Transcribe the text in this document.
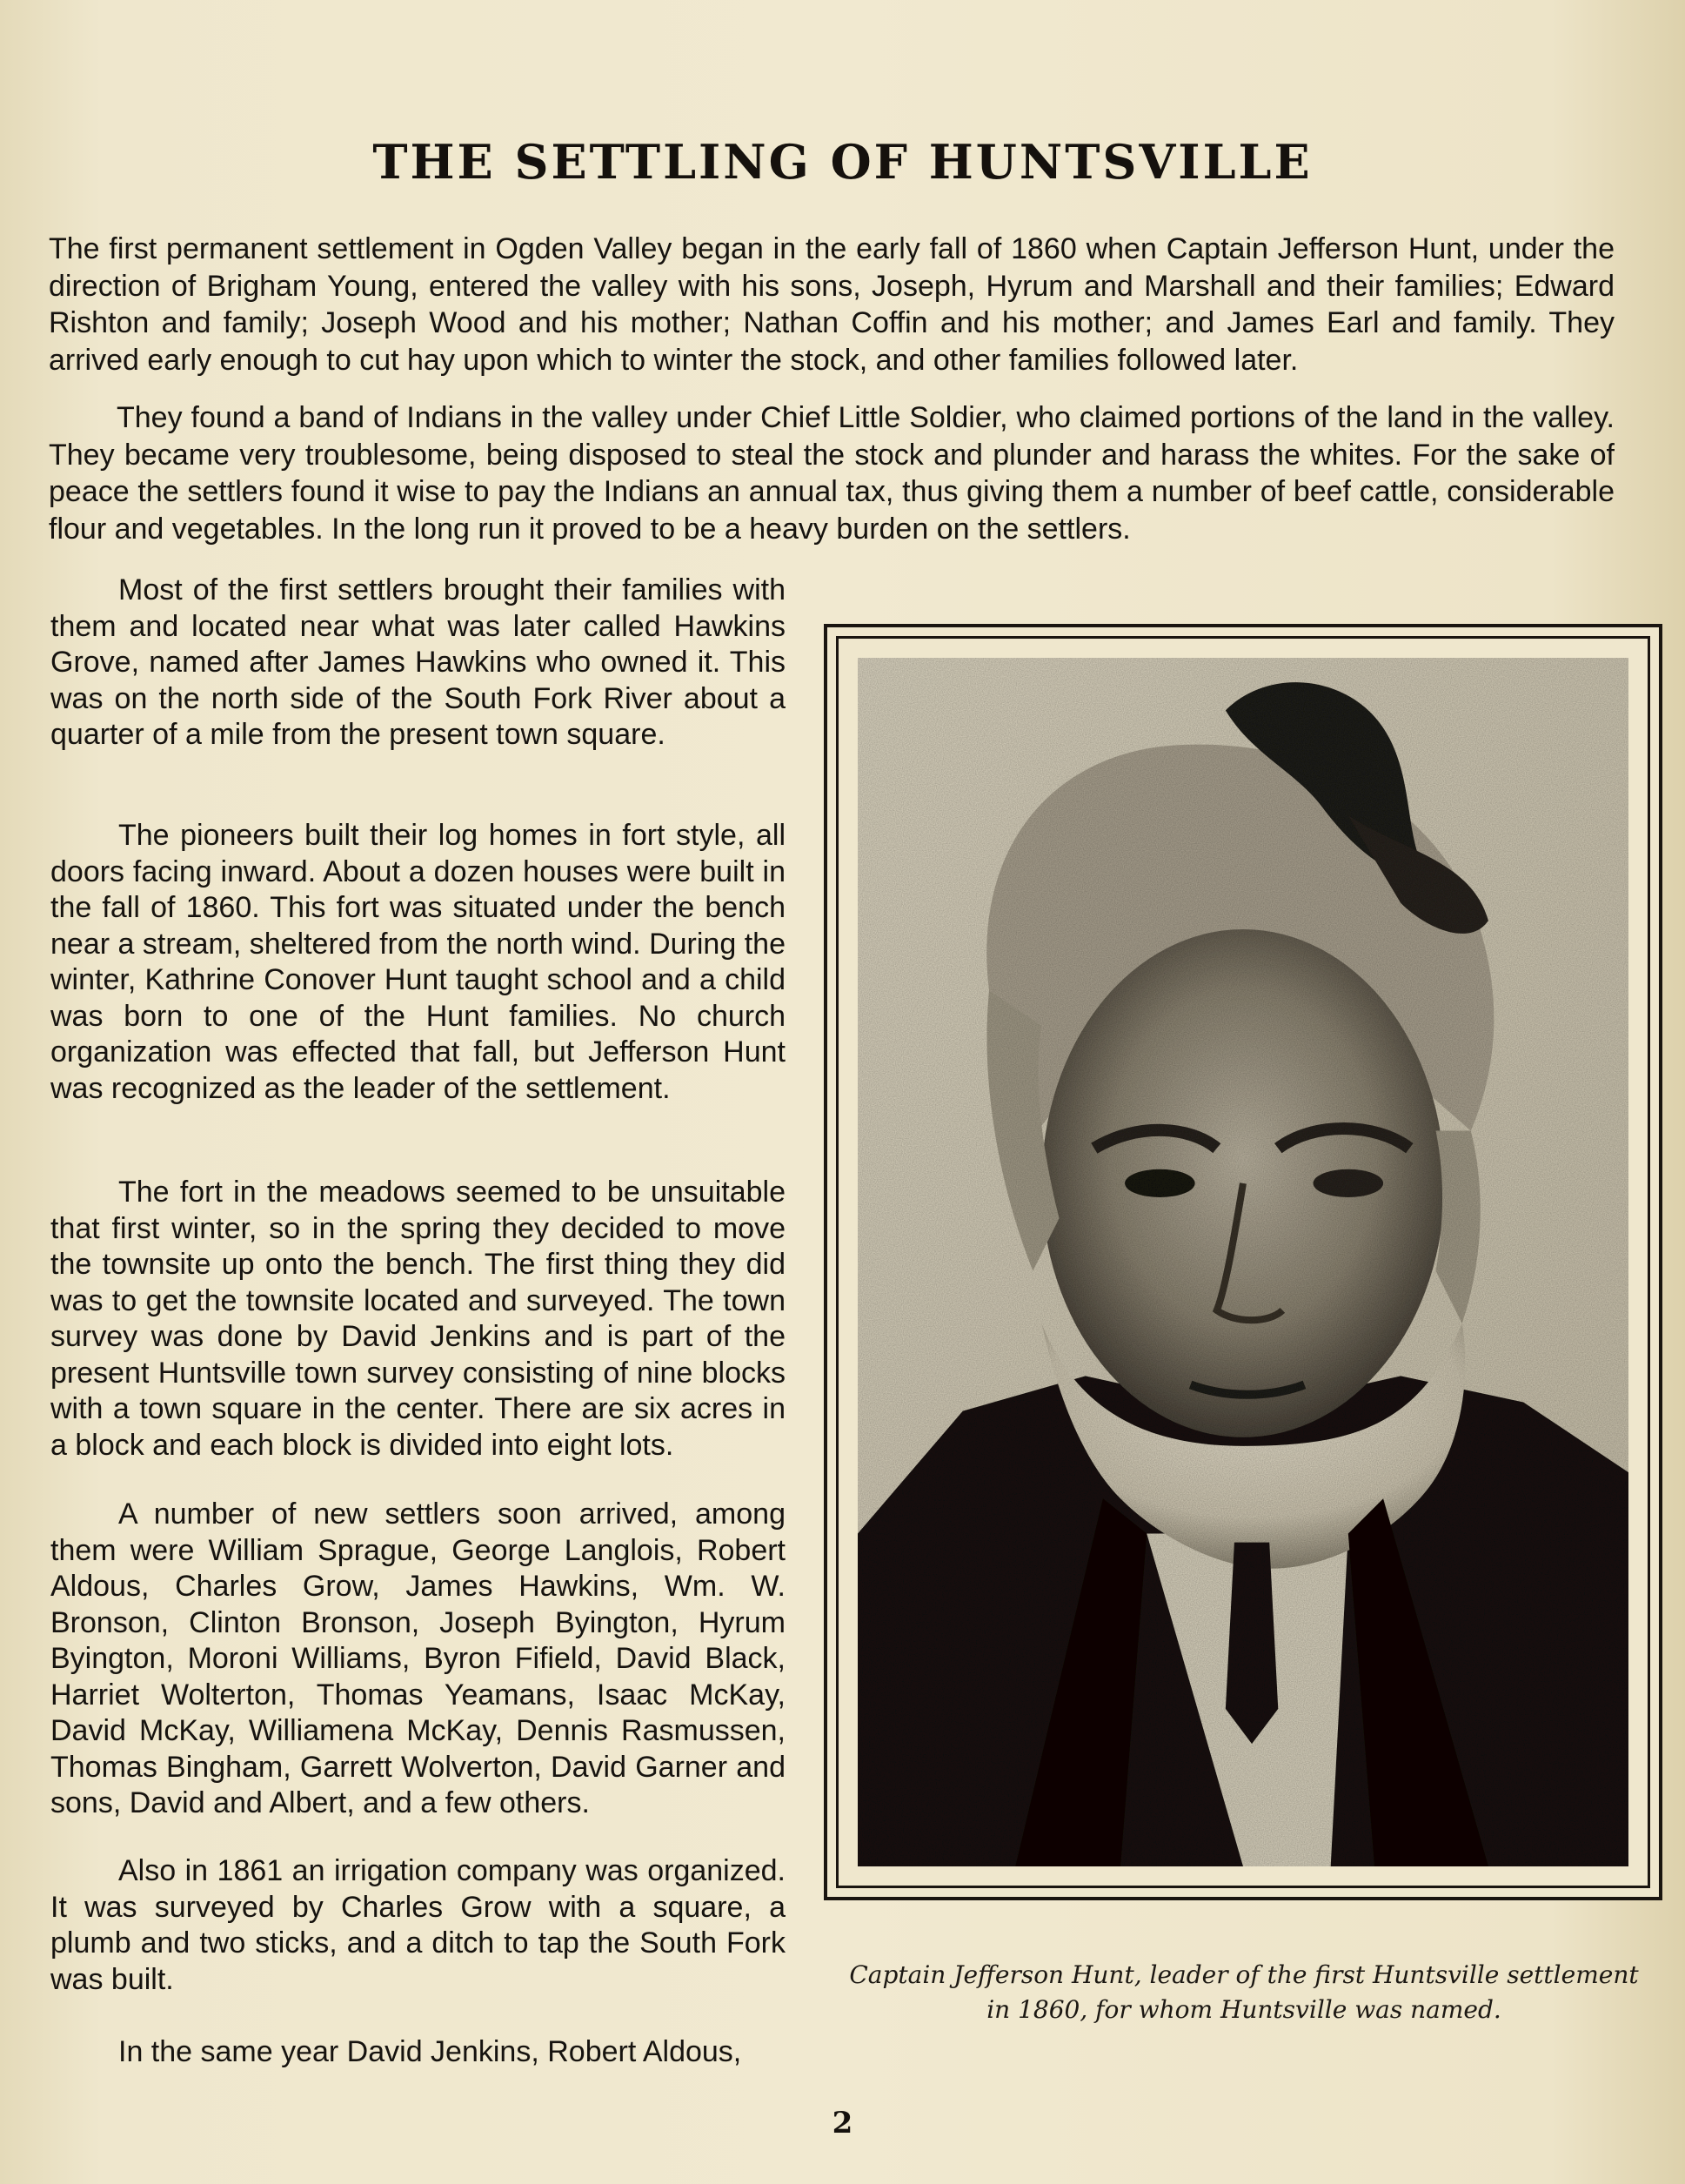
THE SETTLING OF HUNTSVILLE

The first permanent settlement in Ogden Valley began in the early fall of 1860 when Captain Jefferson Hunt, under the direction of Brigham Young, entered the valley with his sons, Joseph, Hyrum and Marshall and their families; Edward Rishton and family; Joseph Wood and his mother; Nathan Coffin and his mother; and James Earl and family. They arrived early enough to cut hay upon which to winter the stock, and other families followed later.

They found a band of Indians in the valley under Chief Little Soldier, who claimed portions of the land in the valley. They became very troublesome, being disposed to steal the stock and plunder and harass the whites. For the sake of peace the settlers found it wise to pay the Indians an annual tax, thus giving them a number of beef cattle, considerable flour and vegetables. In the long run it proved to be a heavy burden on the settlers.

Most of the first settlers brought their families with them and located near what was later called Hawkins Grove, named after James Hawkins who owned it. This was on the north side of the South Fork River about a quarter of a mile from the present town square.

The pioneers built their log homes in fort style, all doors facing inward. About a dozen houses were built in the fall of 1860. This fort was situated under the bench near a stream, sheltered from the north wind. During the winter, Kathrine Conover Hunt taught school and a child was born to one of the Hunt families. No church organization was effected that fall, but Jefferson Hunt was recognized as the leader of the settlement.

The fort in the meadows seemed to be unsuitable that first winter, so in the spring they decided to move the townsite up onto the bench. The first thing they did was to get the townsite located and surveyed. The town survey was done by David Jenkins and is part of the present Huntsville town survey consisting of nine blocks with a town square in the center. There are six acres in a block and each block is divided into eight lots.

A number of new settlers soon arrived, among them were William Sprague, George Langlois, Robert Aldous, Charles Grow, James Hawkins, Wm. W. Bronson, Clinton Bronson, Joseph Byington, Hyrum Byington, Moroni Williams, Byron Fifield, David Black, Harriet Wolterton, Thomas Yeamans, Isaac McKay, David McKay, Williamena McKay, Dennis Rasmussen, Thomas Bingham, Garrett Wolverton, David Garner and sons, David and Albert, and a few others.

Also in 1861 an irrigation company was organized. It was surveyed by Charles Grow with a square, a plumb and two sticks, and a ditch to tap the South Fork was built.

In the same year David Jenkins, Robert Aldous,

Captain Jefferson Hunt, leader of the first Huntsville settlement in 1860, for whom Huntsville was named.
2
